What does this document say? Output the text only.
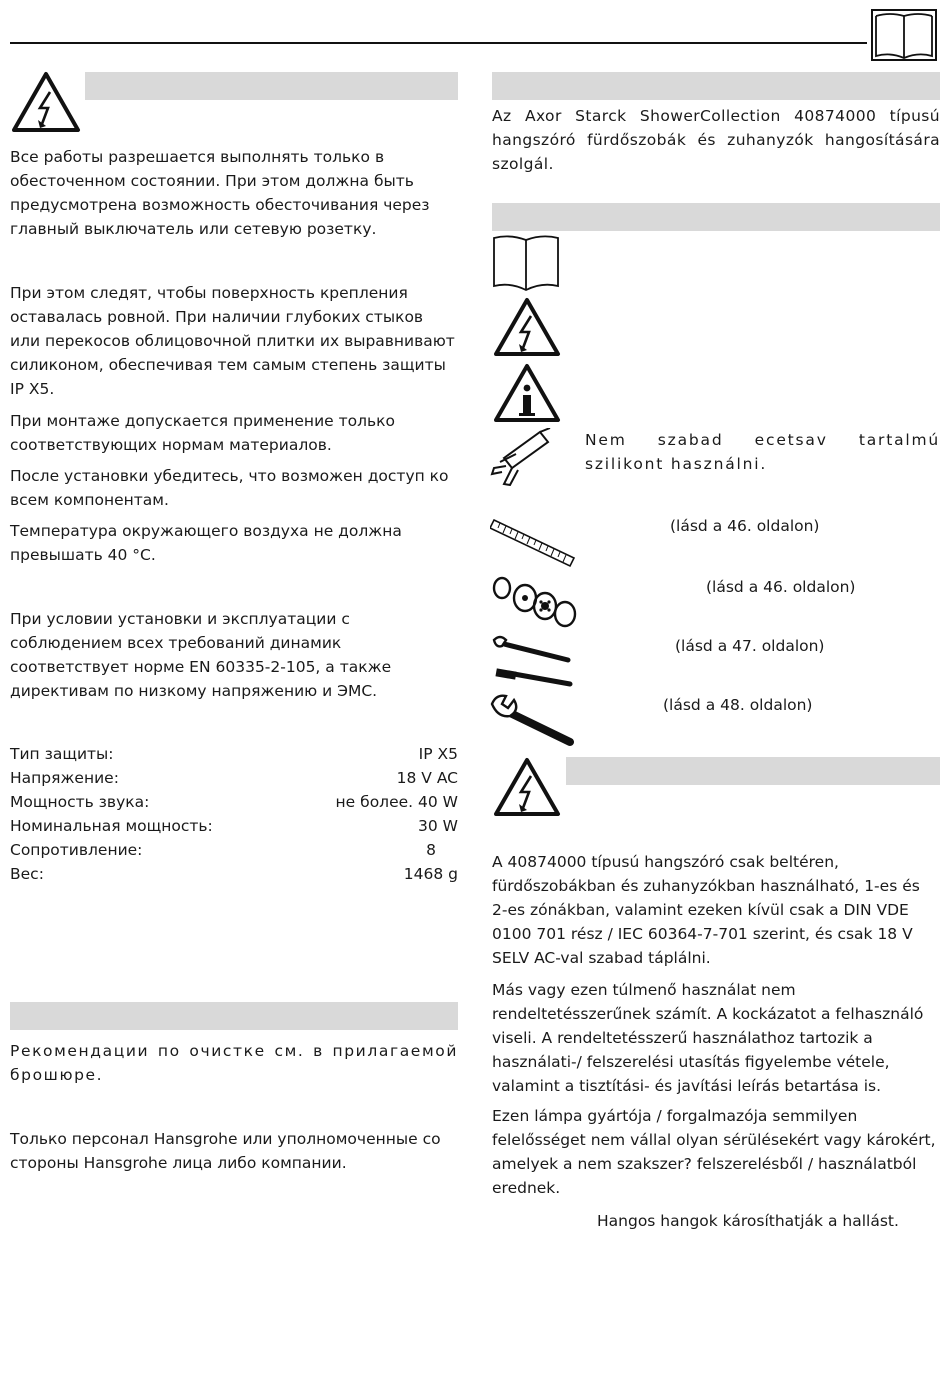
Все работы разрешается выполнять только в обесточенном состоянии. При этом должна быть предусмотрена возможность обесточивания через главный выключатель или сетевую розетку.
При этом следят, чтобы поверхность крепления оставалась ровной. При наличии глубоких стыков или перекосов облицовочной плитки их выравнивают силиконом, обеспечивая тем самым степень защиты IP X5.
При монтаже допускается применение только соответствующих нормам материалов.
После установки убедитесь, что возможен доступ ко всем компонентам.
Температура окружающего воздуха не должна превышать 40 °C.
При условии установки и эксплуатации с соблюдением всех требований динамик соответствует норме EN 60335-2-105, а также директивам по низкому напряжению и ЭМС.
Тип защиты:	IP X5
Напряжение:	18 V AC
Мощность звука:	не более. 40 W
Номинальная мощность:	30 W
Сопротивление:	8
Вес:	1468 g
Рекомендации по очистке см. в прилагаемой брошюре.
Только персонал Hansgrohe или уполномоченные со стороны Hansgrohe лица либо компании.
Az Axor Starck ShowerCollection 40874000 típusú hangszóró fürdőszobák és zuhanyzók hangosítására szolgál.
Nem szabad ecetsav tartalmú szilikont használni.
(lásd a 46. oldalon)
(lásd a 46. oldalon)
(lásd a 47. oldalon)
(lásd a 48. oldalon)
A 40874000 típusú hangszóró csak beltéren, fürdőszobákban és zuhanyzókban használható, 1-es és 2-es zónákban, valamint ezeken kívül csak a DIN VDE 0100 701 rész / IEC 60364-7-701 szerint, és csak 18 V SELV AC-val szabad táplálni.
Más vagy ezen túlmenő használat nem rendeltetésszerűnek számít. A kockázatot a felhasználó viseli. A rendeltetésszerű használathoz tartozik a használati-/ felszerelési utasítás figyelembe vétele, valamint a tisztítási- és javítási leírás betartása is.
Ezen lámpa gyártója / forgalmazója semmilyen felelősséget nem vállal olyan sérülésekért vagy károkért, amelyek a nem szakszer? felszerelésből / használatból erednek.
Hangos hangok károsíthatják a hallást.
